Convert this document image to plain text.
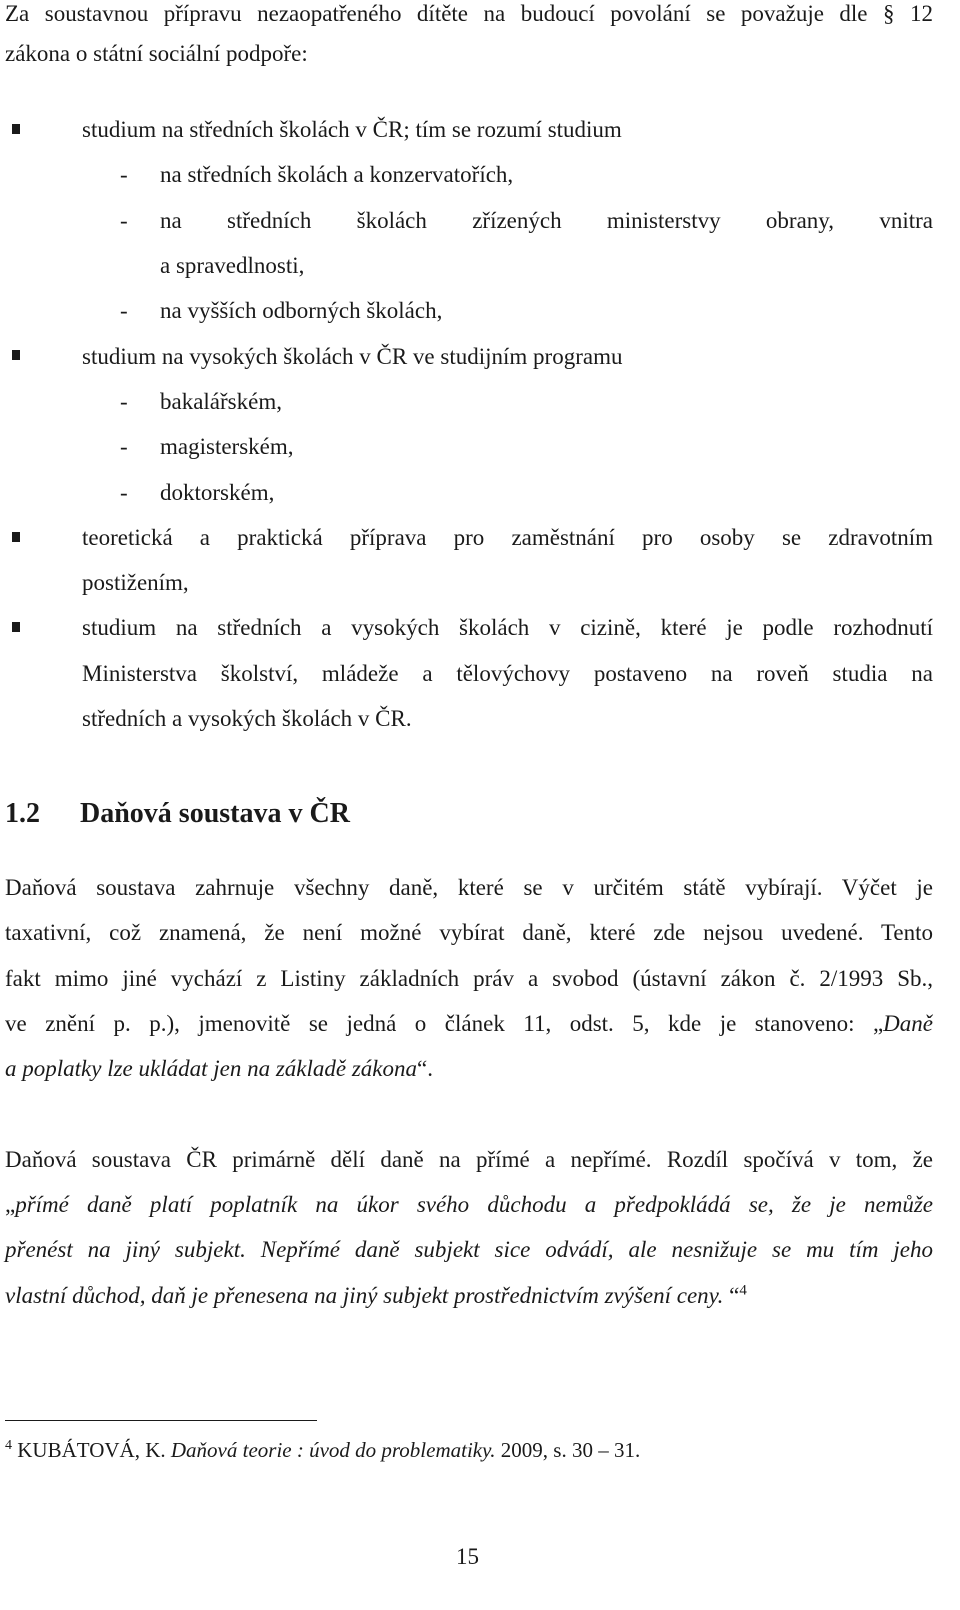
Za soustavnou přípravu nezaopatřeného dítěte na budoucí povolání se považuje dle § 12
zákona o státní sociální podpoře:
studium na středních školách v ČR; tím se rozumí studium
- na středních školách a konzervatořích,
- na středních školách zřízených ministerstvy obrany, vnitra
a spravedlnosti,
- na vyšších odborných školách,
studium na vysokých školách v ČR ve studijním programu
- bakalářském,
- magisterském,
- doktorském,
teoretická a praktická příprava pro zaměstnání pro osoby se zdravotním
postižením,
studium na středních a vysokých školách v cizině, které je podle rozhodnutí
Ministerstva školství, mládeže a tělovýchovy postaveno na roveň studia na
středních a vysokých školách v ČR.
1.2 Daňová soustava v ČR
Daňová soustava zahrnuje všechny daně, které se v určitém státě vybírají. Výčet je
taxativní, což znamená, že není možné vybírat daně, které zde nejsou uvedené. Tento
fakt mimo jiné vychází z Listiny základních práv a svobod (ústavní zákon č. 2/1993 Sb.,
ve znění p. p.), jmenovitě se jedná o článek 11, odst. 5, kde je stanoveno: „Daně
a poplatky lze ukládat jen na základě zákona“.
Daňová soustava ČR primárně dělí daně na přímé a nepřímé. Rozdíl spočívá v tom, že
„přímé daně platí poplatník na úkor svého důchodu a předpokládá se, že je nemůže
přenést na jiný subjekt. Nepřímé daně subjekt sice odvádí, ale nesnižuje se mu tím jeho
vlastní důchod, daň je přenesena na jiný subjekt prostřednictvím zvýšení ceny. “$^4$
$^4$ KUBÁTOVÁ, K. Daňová teorie : úvod do problematiky. 2009, s. 30 – 31.
15
